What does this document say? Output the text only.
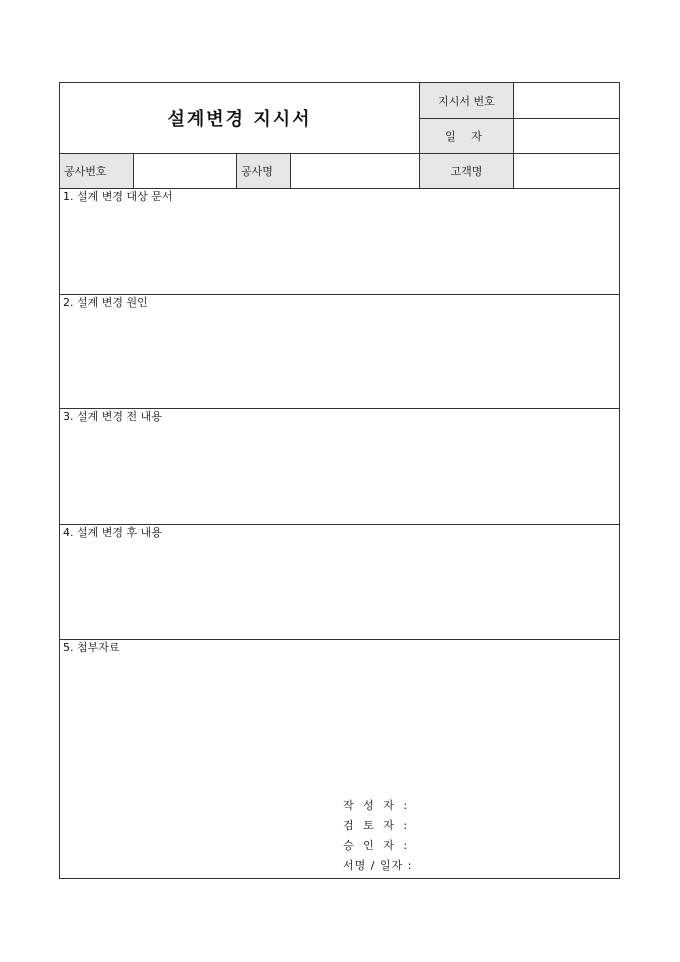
설계변경 지시서
지시서 번호
일 자
공사번호	공사명	고객명
1. 설계 변경 대상 문서
2. 설계 변경 원인
3. 설계 변경 전 내용
4. 설계 변경 후 내용
5. 첨부자료
작 성 자 :
검 토 자 :
승 인 자 :
서명 / 일자 :
